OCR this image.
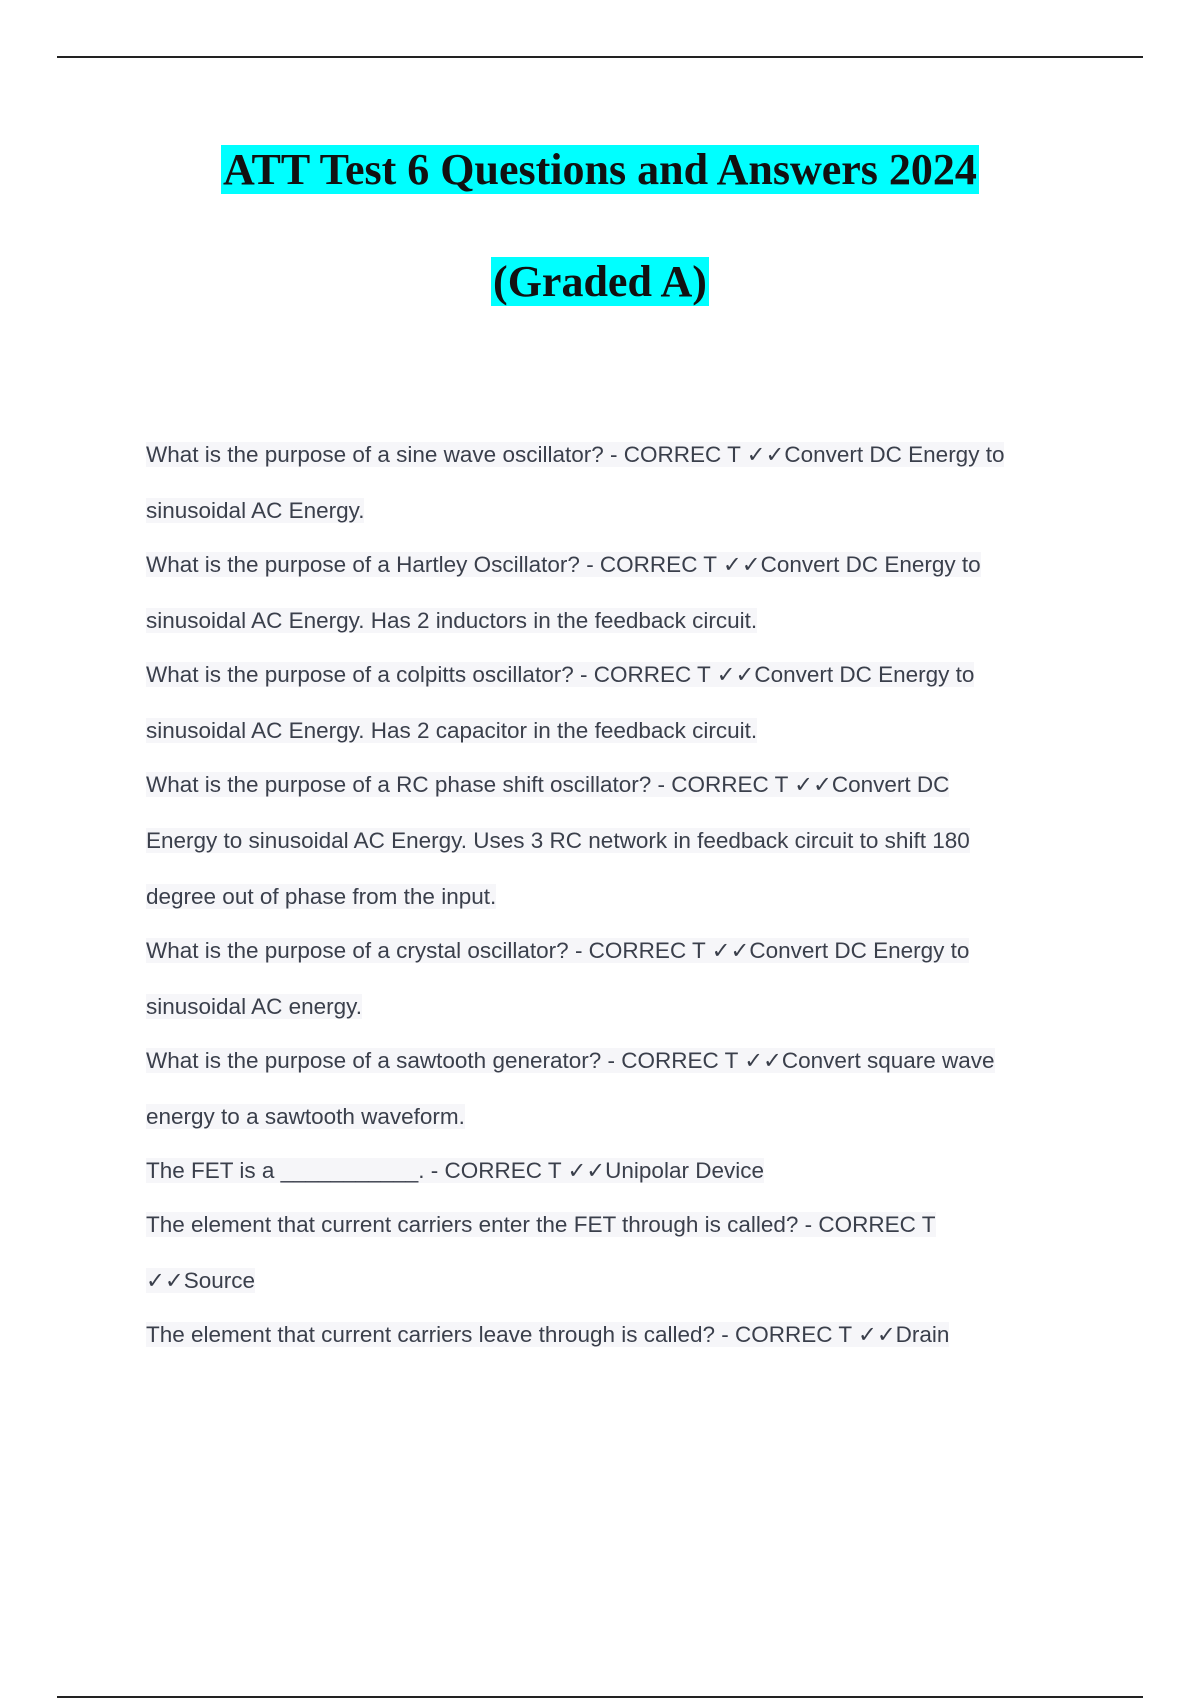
ATT Test 6 Questions and Answers 2024
(Graded A)
What is the purpose of a sine wave oscillator? - CORREC T ✓✓Convert DC Energy to
sinusoidal AC Energy.
What is the purpose of a Hartley Oscillator? - CORREC T ✓✓Convert DC Energy to
sinusoidal AC Energy. Has 2 inductors in the feedback circuit.
What is the purpose of a colpitts oscillator? - CORREC T ✓✓Convert DC Energy to
sinusoidal AC Energy. Has 2 capacitor in the feedback circuit.
What is the purpose of a RC phase shift oscillator? - CORREC T ✓✓Convert DC
Energy to sinusoidal AC Energy. Uses 3 RC network in feedback circuit to shift 180
degree out of phase from the input.
What is the purpose of a crystal oscillator? - CORREC T ✓✓Convert DC Energy to
sinusoidal AC energy.
What is the purpose of a sawtooth generator? - CORREC T ✓✓Convert square wave
energy to a sawtooth waveform.
The FET is a ___________. - CORREC T ✓✓Unipolar Device
The element that current carriers enter the FET through is called? - CORREC T
✓✓Source
The element that current carriers leave through is called? - CORREC T ✓✓Drain
